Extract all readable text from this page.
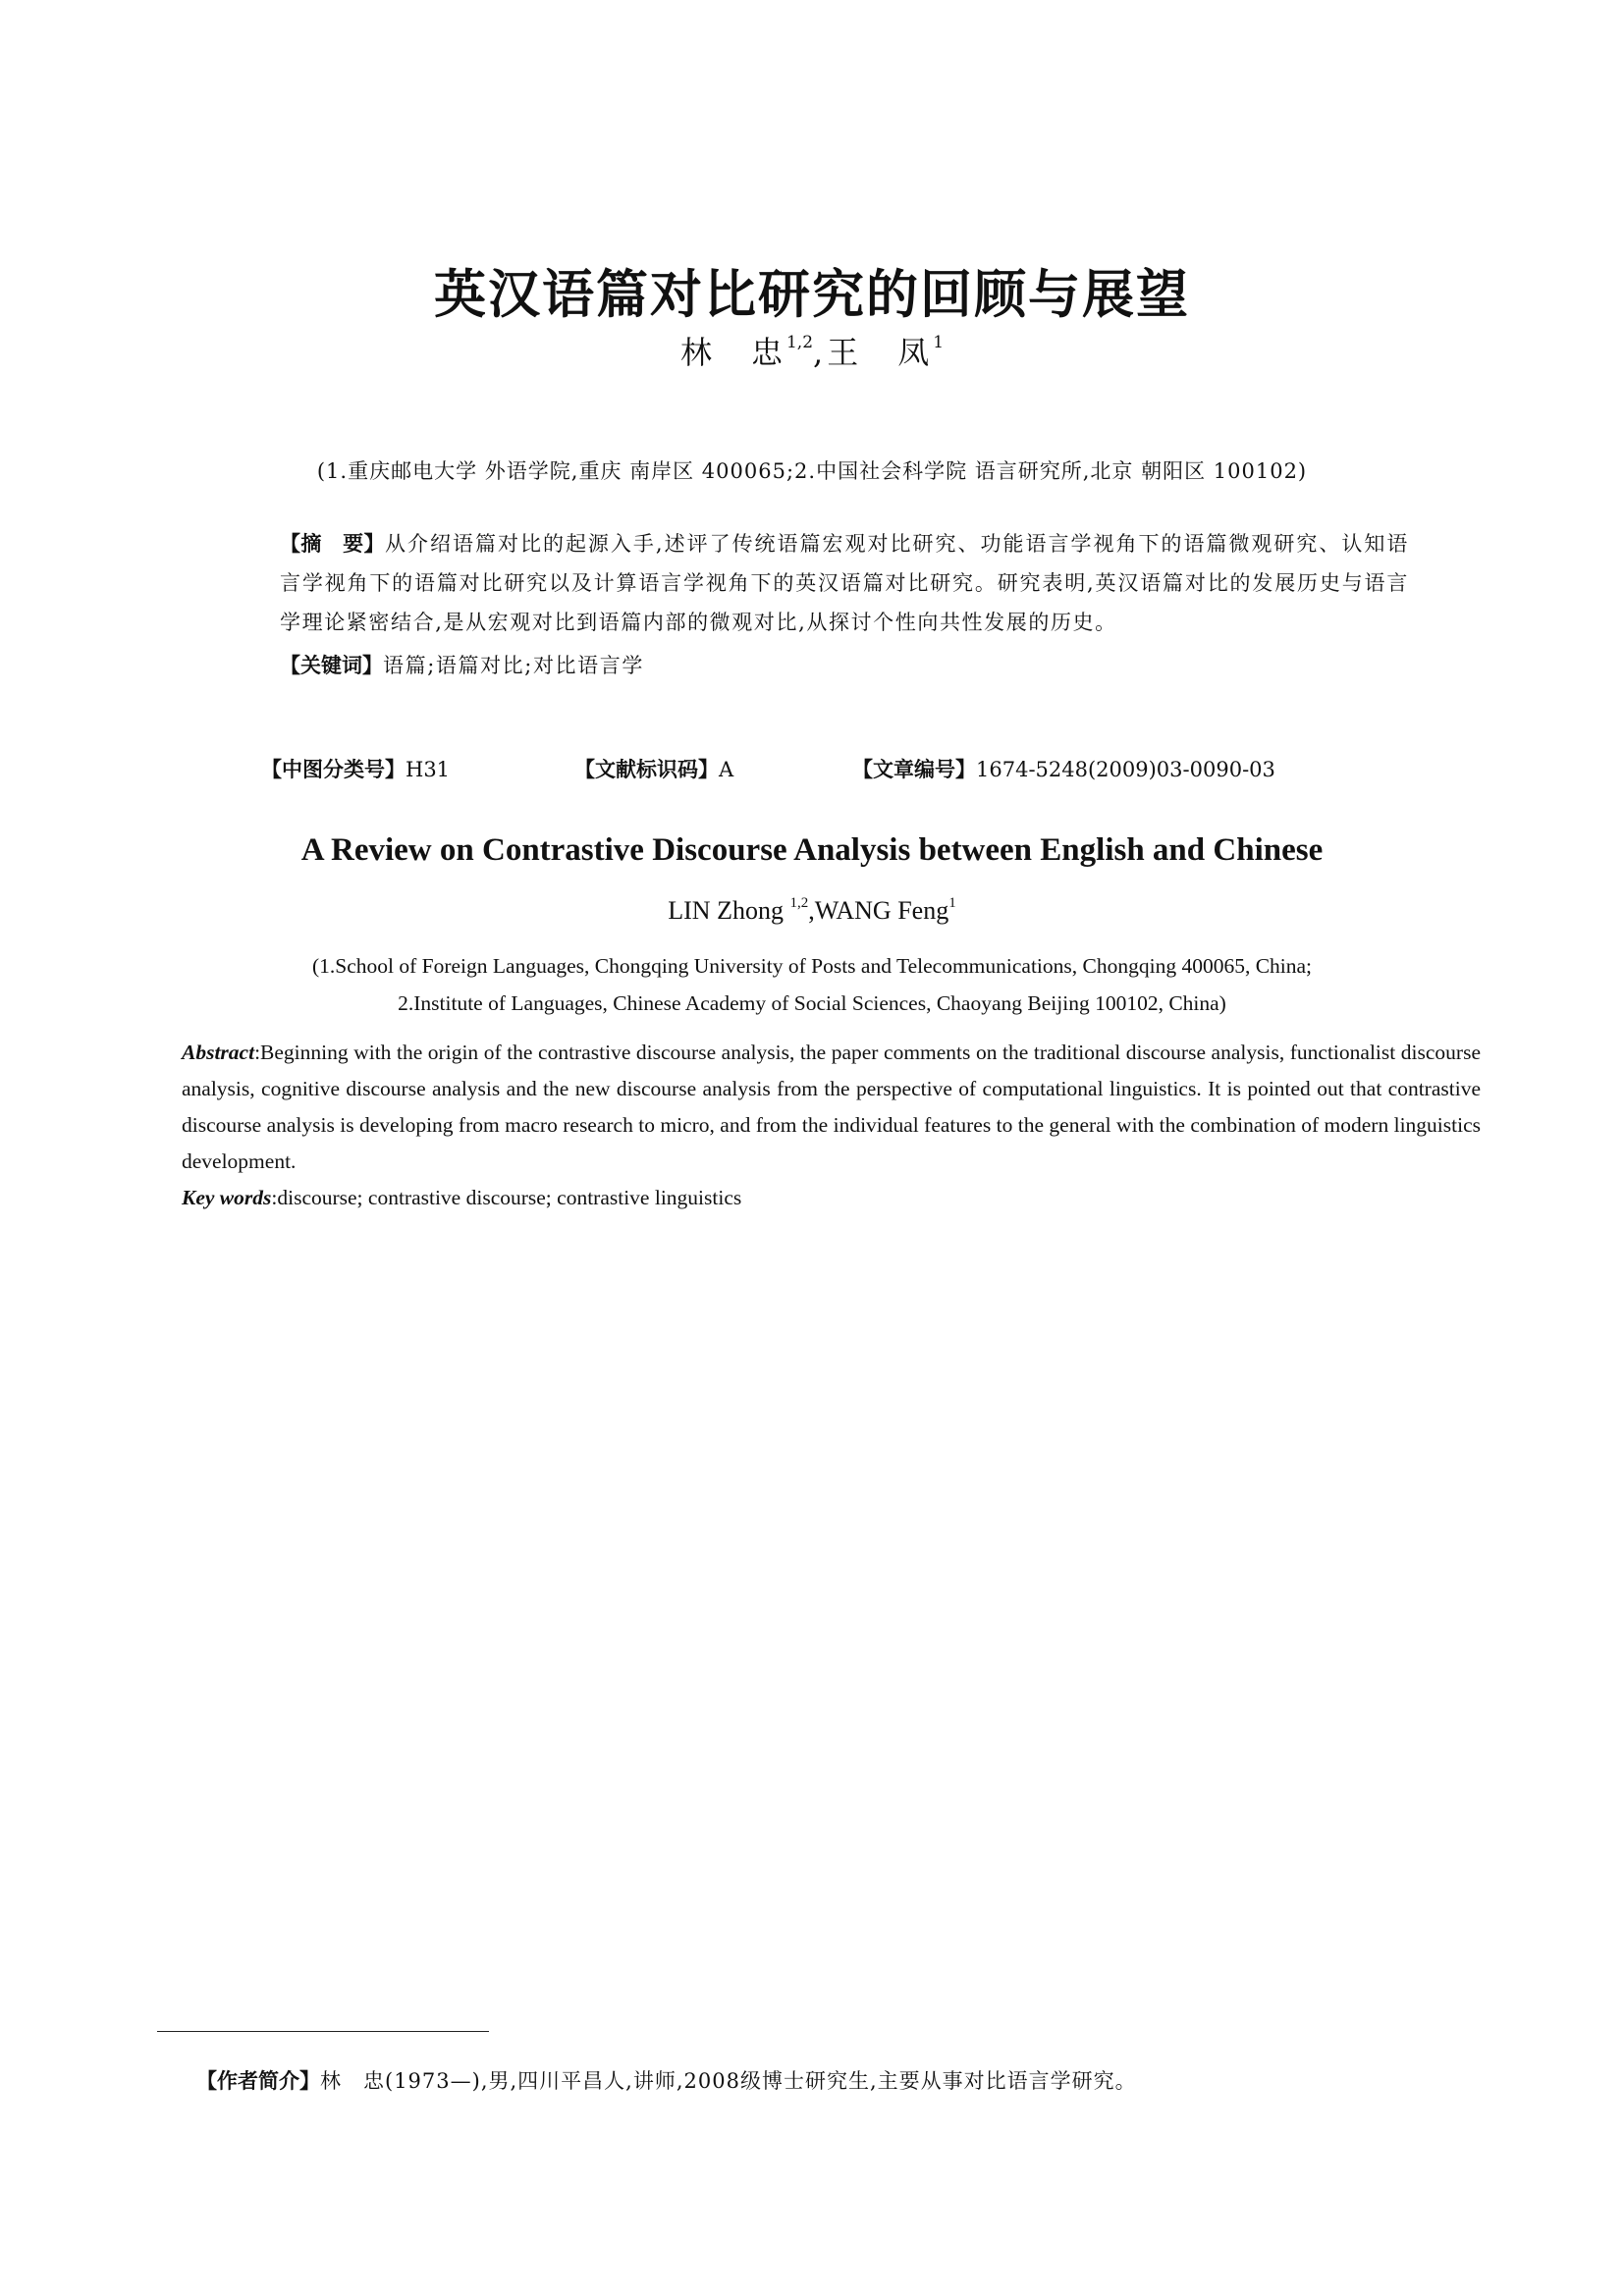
英汉语篇对比研究的回顾与展望
林　忠$^{1,2}$,王　凤$^1$
(1.重庆邮电大学 外语学院,重庆 南岸区 400065;2.中国社会科学院 语言研究所,北京 朝阳区 100102)

【摘　要】从介绍语篇对比的起源入手,述评了传统语篇宏观对比研究、功能语言学视角下的语篇微观研究、认知语言学视角下的语篇对比研究以及计算语言学视角下的英汉语篇对比研究。研究表明,英汉语篇对比的发展历史与语言学理论紧密结合,是从宏观对比到语篇内部的微观对比,从探讨个性向共性发展的历史。

【关键词】语篇;语篇对比;对比语言学

【中图分类号】H31	【文献标识码】A	【文章编号】1674-5248(2009)03-0090-03
A Review on Contrastive Discourse Analysis between English and Chinese
LIN Zhong $^{1,2}$,WANG Feng$^1$
(1.School of Foreign Languages, Chongqing University of Posts and Telecommunications, Chongqing 400065, China;
2.Institute of Languages, Chinese Academy of Social Sciences, Chaoyang Beijing 100102, China)

Abstract:Beginning with the origin of the contrastive discourse analysis, the paper comments on the traditional discourse analysis, functionalist discourse analysis, cognitive discourse analysis and the new discourse analysis from the perspective of computational linguistics. It is pointed out that contrastive discourse analysis is developing from macro research to micro, and from the individual features to the general with the combination of modern linguistics development.

Key words:discourse; contrastive discourse; contrastive linguistics

【作者简介】林　忠(1973—),男,四川平昌人,讲师,2008级博士研究生,主要从事对比语言学研究。
